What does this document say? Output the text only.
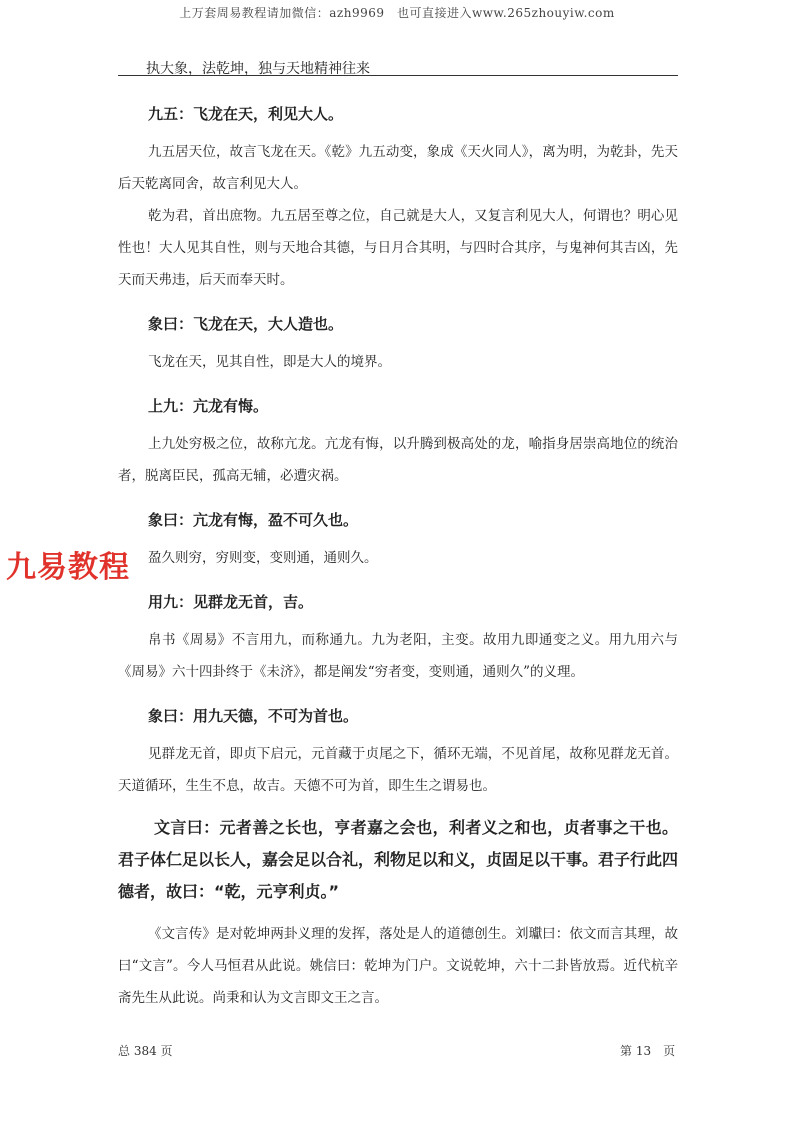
上万套周易教程请加微信：azh9969　也可直接进入www.265zhouyiw.com
执大象，法乾坤，独与天地精神往来
九五：飞龙在天，利见大人。
九五居天位，故言飞龙在天。《乾》九五动变，象成《天火同人》，离为明，为乾卦，先天后天乾离同舍，故言利见大人。
乾为君，首出庶物。九五居至尊之位，自己就是大人，又复言利见大人，何谓也？明心见性也！大人见其自性，则与天地合其德，与日月合其明，与四时合其序，与鬼神何其吉凶，先天而天弗违，后天而奉天时。
象曰：飞龙在天，大人造也。
飞龙在天，见其自性，即是大人的境界。
上九：亢龙有悔。
上九处穷极之位，故称亢龙。亢龙有悔，以升腾到极高处的龙，喻指身居崇高地位的统治者，脱离臣民，孤高无辅，必遭灾祸。
象曰：亢龙有悔，盈不可久也。
盈久则穷，穷则变，变则通，通则久。
用九：见群龙无首，吉。
帛书《周易》不言用九，而称通九。九为老阳，主变。故用九即通变之义。用九用六与《周易》六十四卦终于《未济》，都是阐发“穷者变，变则通，通则久”的义理。
象曰：用九天德，不可为首也。
见群龙无首，即贞下启元，元首藏于贞尾之下，循环无端，不见首尾，故称见群龙无首。天道循环，生生不息，故吉。天德不可为首，即生生之谓易也。
文言曰：元者善之长也，亨者嘉之会也，利者义之和也，贞者事之干也。君子体仁足以长人，嘉会足以合礼，利物足以和义，贞固足以干事。君子行此四德者，故曰：“乾，元亨利贞。”
《文言传》是对乾坤两卦义理的发挥，落处是人的道德创生。刘瓛曰：依文而言其理，故曰“文言”。今人马恒君从此说。姚信曰：乾坤为门户。文说乾坤，六十二卦皆放焉。近代杭辛斋先生从此说。尚秉和认为文言即文王之言。
九易教程
总 384 页	第 13　页
